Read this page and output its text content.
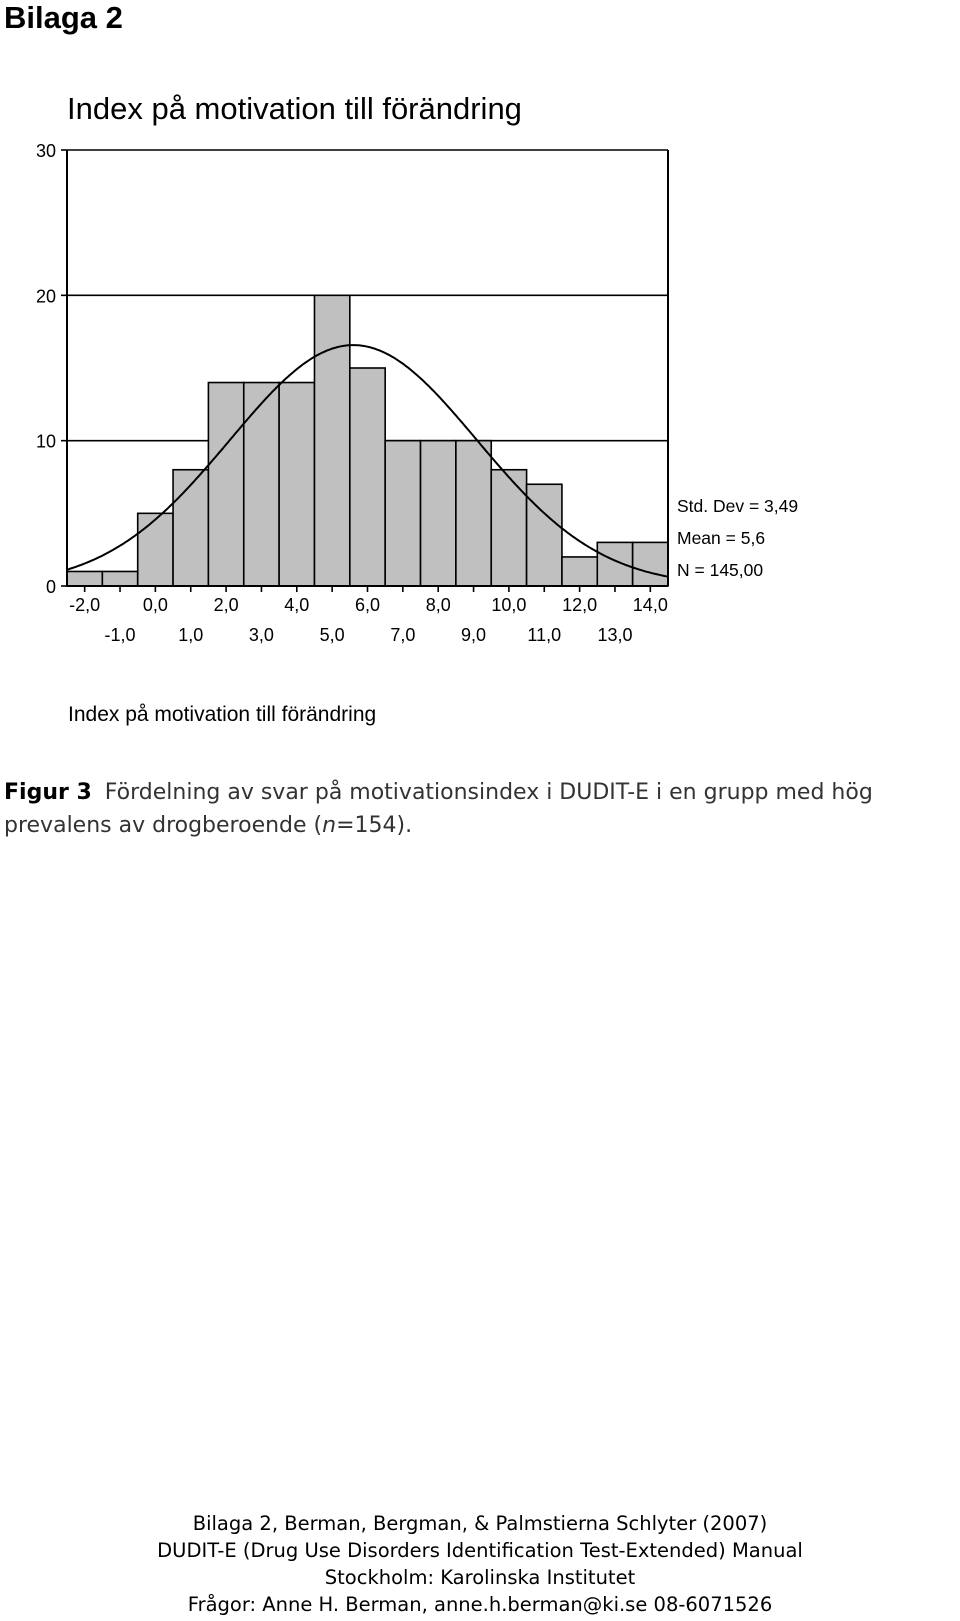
Bilaga 2
Index på motivation till förändring
0
10
20
30
-2,0 0,0	2,0	4,0	6,0	8,0 10,0 12,0 14,0
-1,0 1,0	3,0	5,0	7,0	9,0 11,0 13,0
Std. Dev = 3,49
Mean = 5,6
N = 145,00

Index på motivation till förändring

Figur 3 Fördelning av svar på motivationsindex i DUDIT-E i en grupp med hög prevalens av drogberoende (n=154).

Bilaga 2, Berman, Bergman, & Palmstierna Schlyter (2007)
DUDIT-E (Drug Use Disorders Identification Test-Extended) Manual
Stockholm: Karolinska Institutet
Frågor: Anne H. Berman, anne.h.berman@ki.se 08-6071526
